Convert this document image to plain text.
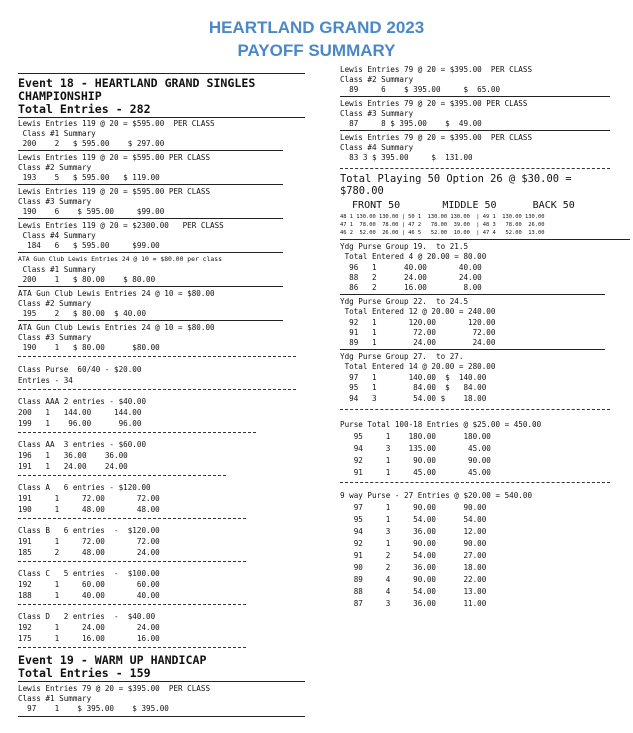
HEARTLAND GRAND 2023
PAYOFF SUMMARY
Event 18 - HEARTLAND GRAND SINGLES
CHAMPIONSHIP
Total Entries - 282
Lewis Entries 119 @ 20 = $595.00  PER CLASS
Class #1 Summary
200    2   $ 595.00    $ 297.00
Lewis Entries 119 @ 20 = $595.00 PER CLASS
Class #2 Summary
193    5   $ 595.00   $ 119.00
Lewis Entries 119 @ 20 = $595.00 PER CLASS
Class #3 Summary
190    6    $ 595.00     $99.00
Lewis Entries 119 @ 20 = $2300.00   PER CLASS
Class #4 Summary
184   6   $ 595.00     $99.00
ATA Gun Club Lewis Entries 24 @ 10 = $80.00 per class
Class #1 Summary
200    1   $ 80.00    $ 80.00
ATA Gun Club Lewis Entries 24 @ 10 = $80.00
Class #2 Summary
195    2   $ 80.00  $ 40.00
ATA Gun Club Lewis Entries 24 @ 10 = $80.00
Class #3 Summary
190    1   $ 80.00      $80.00
Class Purse  60/40 - $20.00
Entries - 34
Class AAA 2 entries - $40.00
200   1   144.00     144.00
199   1    96.00      96.00
Class AA  3 entries - $60.00
196   1   36.00    36.00
191   1   24.00    24.00
Class A   6 entries - $120.00
191     1     72.00       72.00
190     1     48.00       48.00
Class B   6 entries  -  $120.00
191     1     72.00       72.00
185     2     48.00       24.00
Class C   5 entries  -  $100.00
192     1     60.00       60.00
188     1     40.00       40.00
Class D   2 entries  -  $40.00
192     1     24.00       24.00
175     1     16.00       16.00
Event 19 - WARM UP HANDICAP
Total Entries - 159
Lewis Entries 79 @ 20 = $395.00  PER CLASS
Class #1 Summary
97    1    $ 395.00    $ 395.00
Lewis Entries 79 @ 20 = $395.00  PER CLASS
Class #2 Summary
89     6    $ 395.00     $  65.00
Lewis Entries 79 @ 20 = $395.00 PER CLASS
Class #3 Summary
87     8 $ 395.00    $  49.00
Lewis Entries 79 @ 20 = $395.00  PER CLASS
Class #4 Summary
83 3 $ 395.00     $  131.00
Total Playing 50 Option 26 @ $30.00 =
$780.00
FRONT 50       MIDDLE 50      BACK 50
48 1 130.00 130.00 | 50 1  130.00 130.00  | 49 1  130.00 130.00
47 1  78.00  78.00 | 47 2   78.00  39.00  | 48 3   78.00  26.00
46 2  52.00  26.00 | 46 5   52.00  10.00  | 47 4   52.00  13.00
Ydg Purse Group 19.  to 21.5
Total Entered 4 @ 20.00 = 80.00
96   1      40.00       40.00
88   2      24.00       24.00
86   2      16.00        8.00
Ydg Purse Group 22.  to 24.5
Total Entered 12 @ 20.00 = 240.00
92   1       120.00       120.00
91   1        72.00        72.00
89   1        24.00        24.00
Ydg Purse Group 27.  to 27.
Total Entered 14 @ 20.00 = 280.00
97   1       140.00  $  140.00
95   1        84.00  $   84.00
94   3        54.00 $    18.00
Purse Total 100-18 Entries @ $25.00 = 450.00
95     1    180.00      180.00
94     3    135.00       45.00
92     1     90.00       90.00
91     1     45.00       45.00
9 way Purse - 27 Entries @ $20.00 = 540.00
97     1     90.00      90.00
95     1     54.00      54.00
94     3     36.00      12.00
92     1     90.00      90.00
91     2     54.00      27.00
90     2     36.00      18.00
89     4     90.00      22.00
88     4     54.00      13.00
87     3     36.00      11.00
